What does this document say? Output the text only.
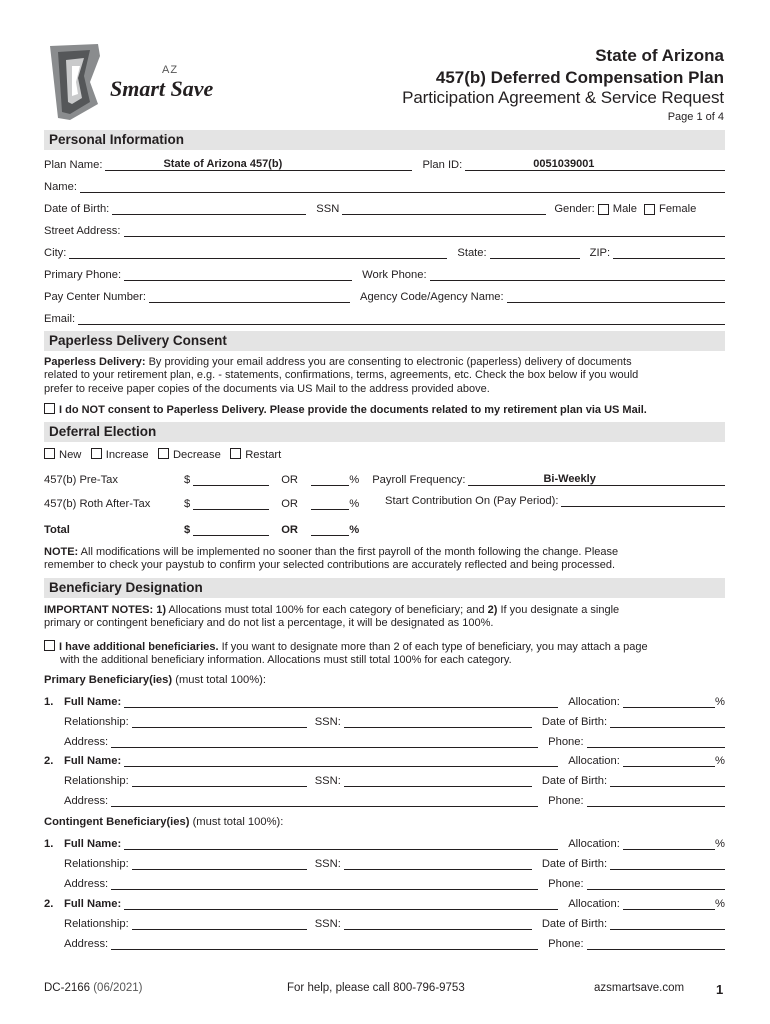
AZ
Smart Save
State of Arizona
457(b) Deferred Compensation Plan
Participation Agreement & Service Request
Page 1 of 4
Personal Information
Plan Name:	State of Arizona 457(b)	Plan ID:	0051039001
Name:
Date of Birth:	SSN	Gender: Male Female
Street Address:
City:	State:	ZIP:
Primary Phone:	Work Phone:
Pay Center Number:	Agency Code/Agency Name:
Email:
Paperless Delivery Consent
Paperless Delivery: By providing your email address you are consenting to electronic (paperless) delivery of documents
related to your retirement plan, e.g. - statements, confirmations, terms, agreements, etc. Check the box below if you would
prefer to receive paper copies of the documents via US Mail to the address provided above.
I do NOT consent to Paperless Delivery. Please provide the documents related to my retirement plan via US Mail.
Deferral Election
New Increase Decrease Restart
457(b) Pre-Tax	$	OR	% Payroll Frequency:	Bi-Weekly
457(b) Roth After-Tax	$	OR	% Start Contribution On (Pay Period):
Total	$	OR	%
NOTE: All modifications will be implemented no sooner than the first payroll of the month following the change. Please
remember to check your paystub to confirm your selected contributions are accurately reflected and being processed.
Beneficiary Designation
IMPORTANT NOTES: 1) Allocations must total 100% for each category of beneficiary; and 2) If you designate a single
primary or contingent beneficiary and do not list a percentage, it will be designated as 100%.
I have additional beneficiaries. If you want to designate more than 2 of each type of beneficiary, you may attach a page
with the additional beneficiary information. Allocations must still total 100% for each category.
Primary Beneficiary(ies) (must total 100%):
1. Full Name:	Allocation:	%
Relationship:	SSN:	Date of Birth:
Address:	Phone:
2. Full Name:	Allocation:	%
Relationship:	SSN:	Date of Birth:
Address:	Phone:
Contingent Beneficiary(ies) (must total 100%):
1. Full Name:	Allocation:	%
Relationship:	SSN:	Date of Birth:
Address:	Phone:
2. Full Name:	Allocation:	%
Relationship:	SSN:	Date of Birth:
Address:	Phone:
DC-2166 (06/2021)	For help, please call 800-796-9753	azsmartsave.com 1
